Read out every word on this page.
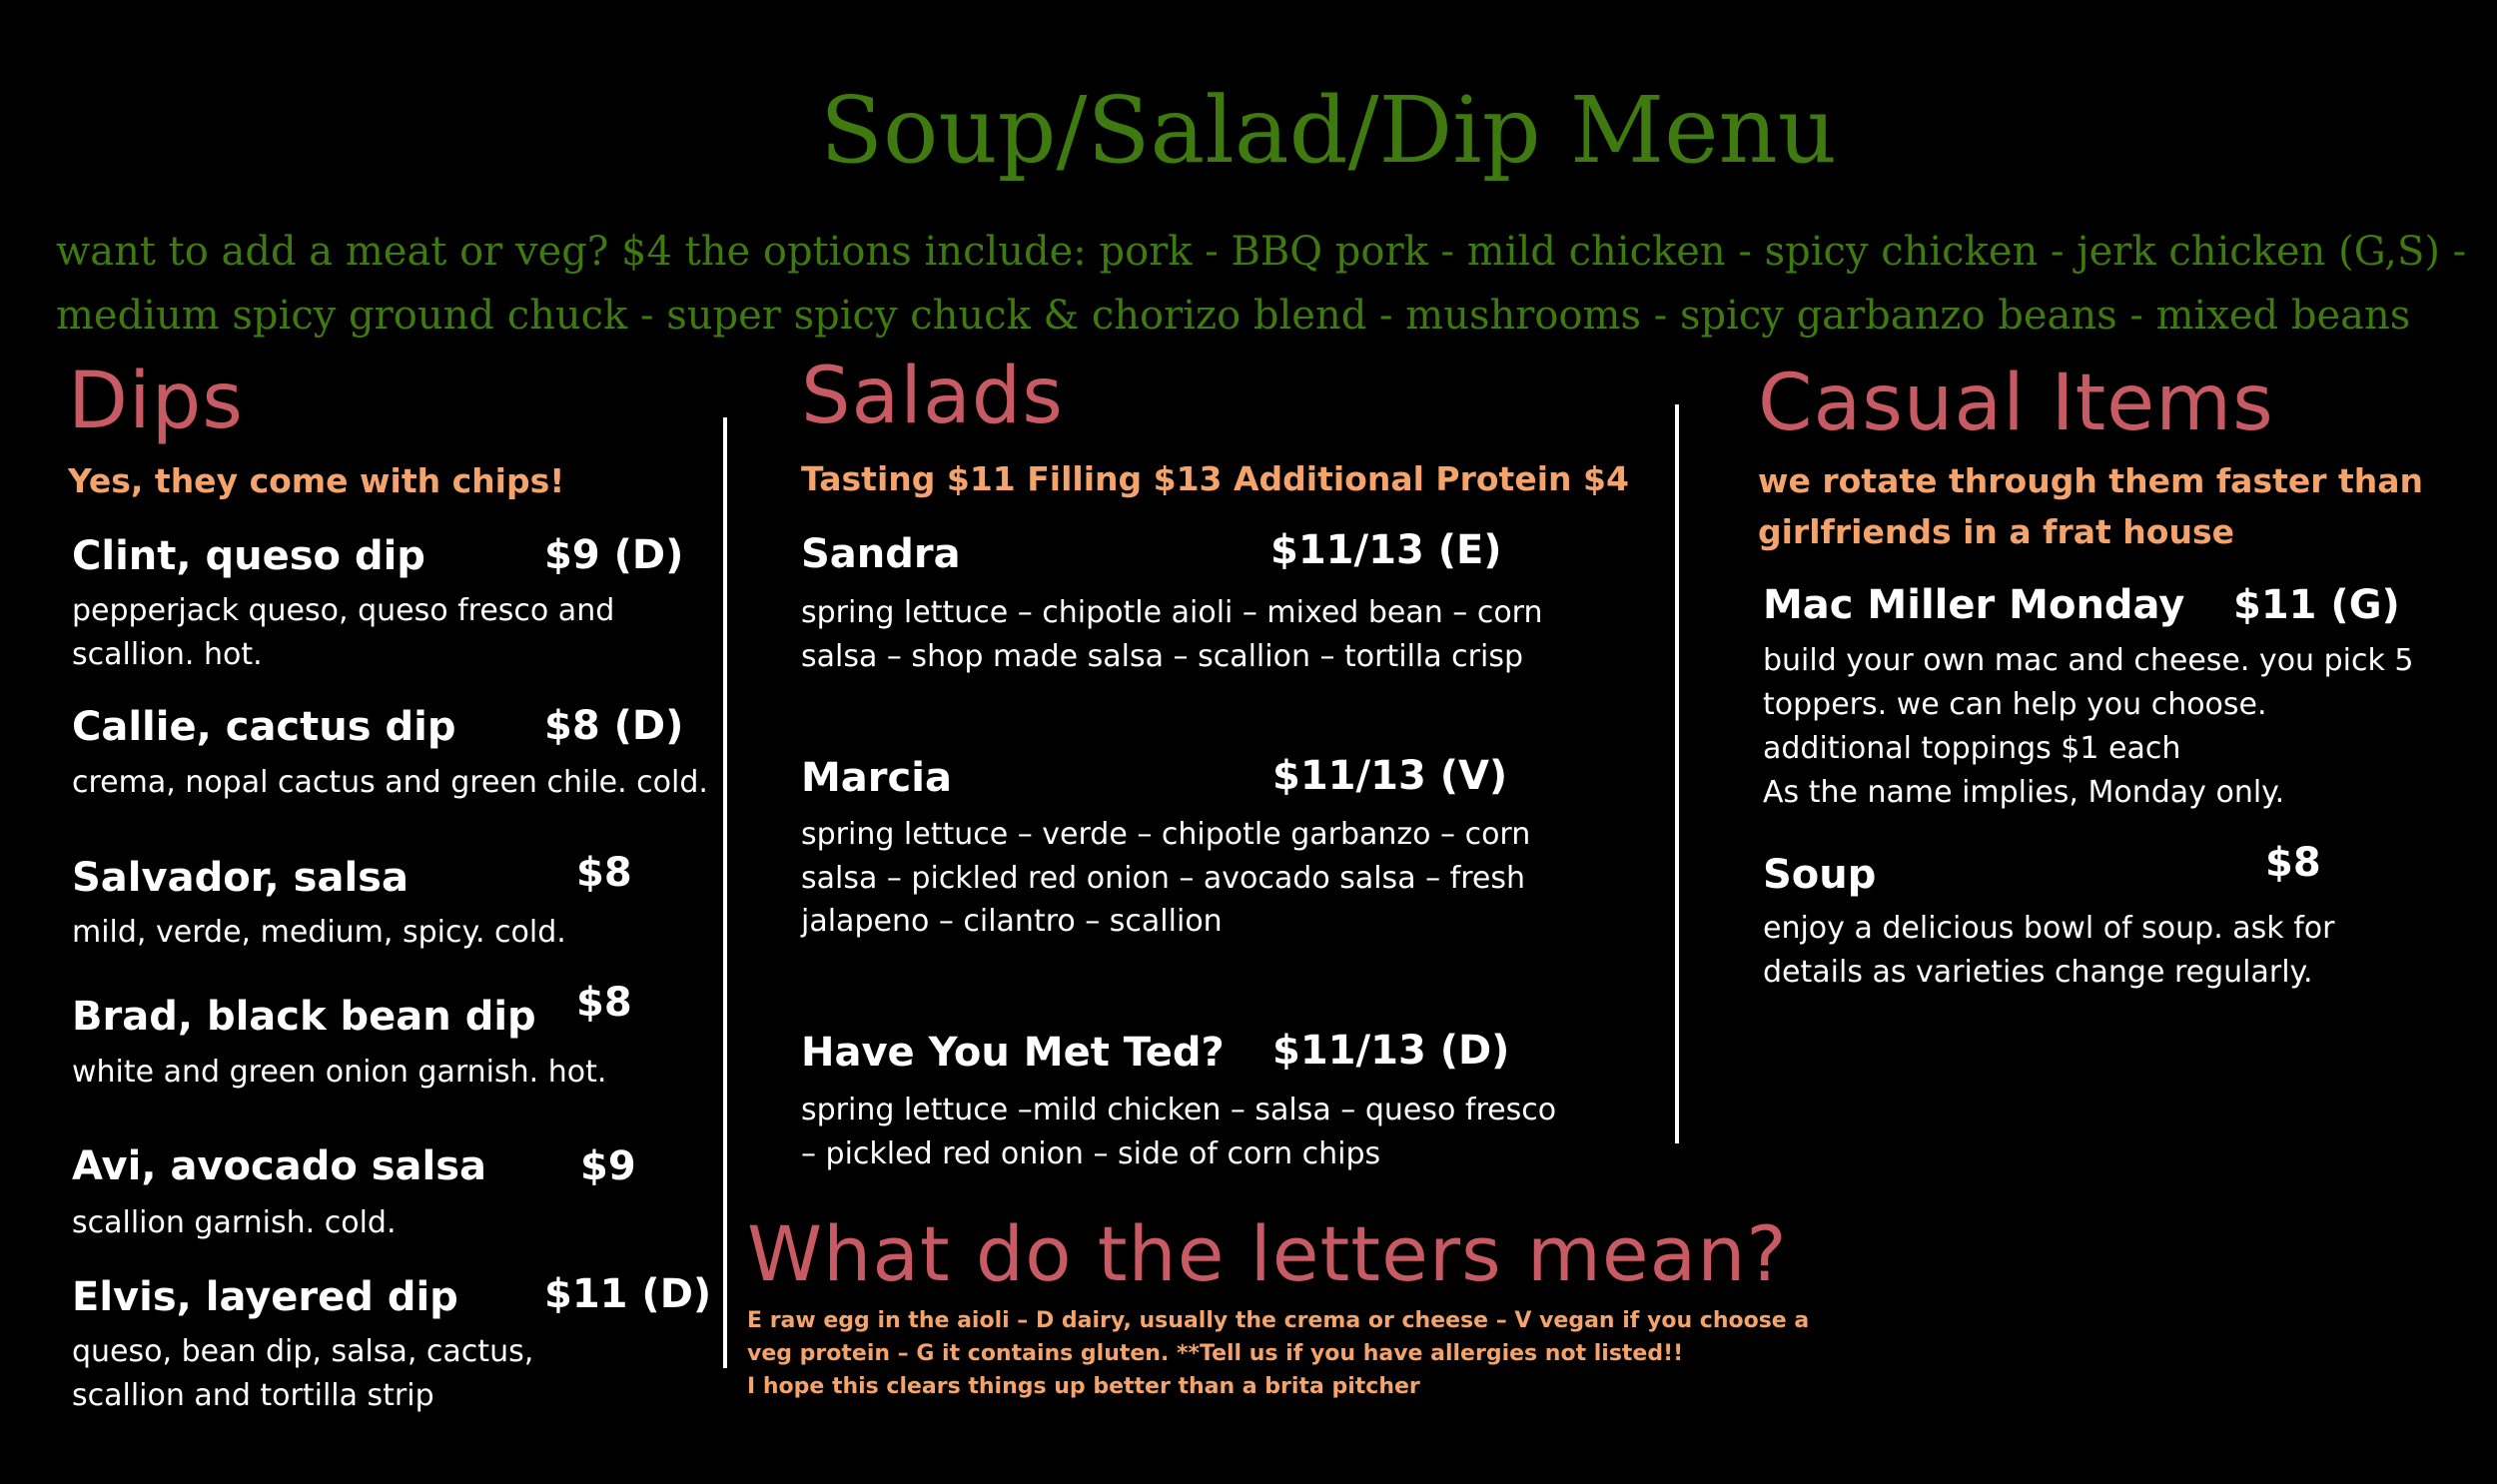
Soup/Salad/Dip Menu
want to add a meat or veg? $4 the options include: pork - BBQ pork - mild chicken - spicy chicken - jerk chicken (G,S) -
medium spicy ground chuck - super spicy chuck & chorizo blend - mushrooms - spicy garbanzo beans - mixed beans
Dips
Yes, they come with chips!
Clint, queso dip	$9 (D)
pepperjack queso, queso fresco and scallion. hot.
Callie, cactus dip $8 (D)
crema, nopal cactus and green chile. cold.
Salvador, salsa	$8
mild, verde, medium, spicy. cold.
Brad, black bean dip $8
white and green onion garnish. hot.
Avi, avocado salsa $9
scallion garnish. cold.
Elvis, layered dip $11 (D)
queso, bean dip, salsa, cactus, scallion and tortilla strip
Salads
Tasting $11 Filling $13 Additional Protein $4
Sandra	$11/13 (E)
spring lettuce – chipotle aioli – mixed bean – corn salsa – shop made salsa – scallion – tortilla crisp
Marcia	$11/13 (V)
spring lettuce – verde – chipotle garbanzo – corn salsa – pickled red onion – avocado salsa – fresh jalapeno – cilantro – scallion
Have You Met Ted? $11/13 (D)
spring lettuce –mild chicken – salsa – queso fresco – pickled red onion – side of corn chips
What do the letters mean?
E raw egg in the aioli – D dairy, usually the crema or cheese – V vegan if you choose a
veg protein – G it contains gluten. **Tell us if you have allergies not listed!!
I hope this clears things up better than a brita pitcher
Casual Items
we rotate through them faster than girlfriends in a frat house
Mac Miller Monday $11 (G)
build your own mac and cheese. you pick 5 toppers. we can help you choose.
additional toppings $1 each
As the name implies, Monday only.
Soup	$8
enjoy a delicious bowl of soup. ask for details as varieties change regularly.
